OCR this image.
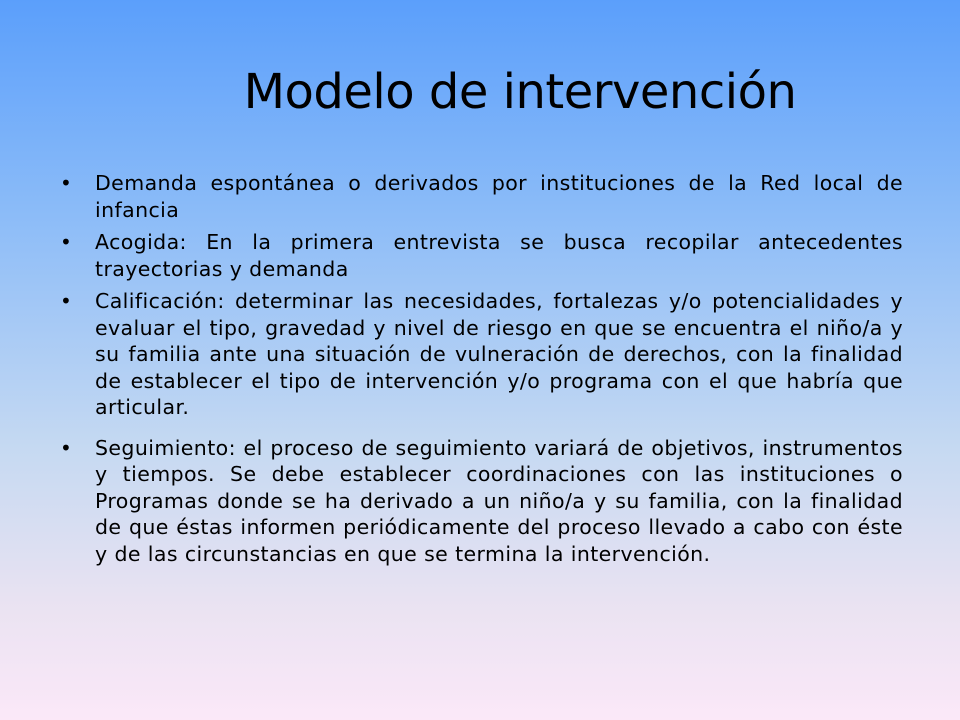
Modelo de intervención
• Demanda espontánea o derivados por instituciones de la Red local de infancia
• Acogida: En la primera entrevista se busca recopilar antecedentes trayectorias y demanda
• Calificación: determinar las necesidades, fortalezas y/o potencialidades y evaluar el tipo, gravedad y nivel de riesgo en que se encuentra el niño/a y su familia ante una situación de vulneración de derechos, con la finalidad de establecer el tipo de intervención y/o programa con el que habría que articular.
• Seguimiento: el proceso de seguimiento variará de objetivos, instrumentos y tiempos. Se debe establecer coordinaciones con las instituciones o Programas donde se ha derivado a un niño/a y su familia, con la finalidad de que éstas informen periódicamente del proceso llevado a cabo con éste y de las circunstancias en que se termina la intervención.
